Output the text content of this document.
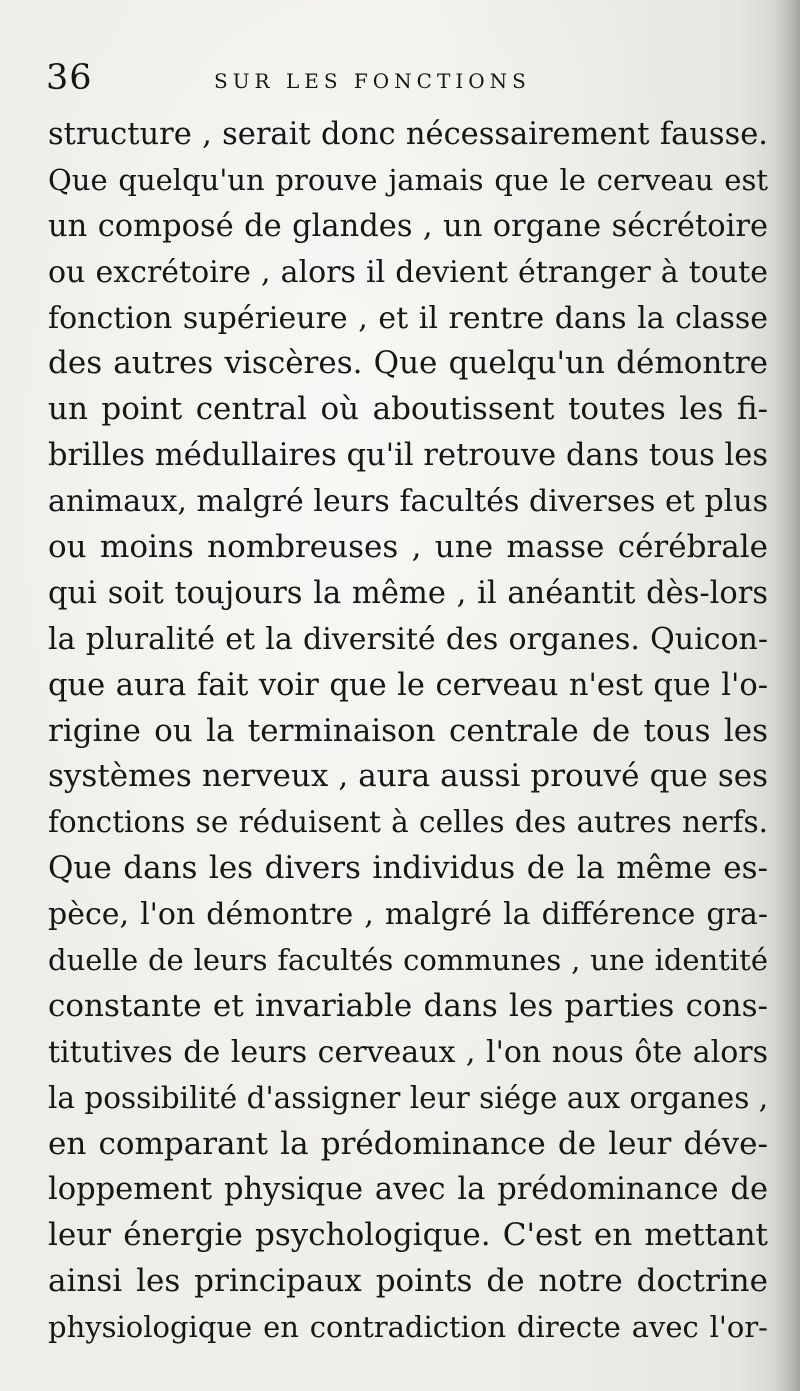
36	SUR LES FONCTIONS
structure , serait donc nécessairement fausse.
Que quelqu'un prouve jamais que le cerveau est
un composé de glandes , un organe sécrétoire
ou excrétoire , alors il devient étranger à toute
fonction supérieure , et il rentre dans la classe
des autres viscères. Que quelqu'un démontre
un point central où aboutissent toutes les fi-
brilles médullaires qu'il retrouve dans tous les
animaux, malgré leurs facultés diverses et plus
ou moins nombreuses , une masse cérébrale
qui soit toujours la même , il anéantit dès-lors
la pluralité et la diversité des organes. Quicon-
que aura fait voir que le cerveau n'est que l'o-
rigine ou la terminaison centrale de tous les
systèmes nerveux , aura aussi prouvé que ses
fonctions se réduisent à celles des autres nerfs.
Que dans les divers individus de la même es-
pèce, l'on démontre , malgré la différence gra-
duelle de leurs facultés communes , une identité
constante et invariable dans les parties cons-
titutives de leurs cerveaux , l'on nous ôte alors
la possibilité d'assigner leur siége aux organes ,
en comparant la prédominance de leur déve-
loppement physique avec la prédominance de
leur énergie psychologique. C'est en mettant
ainsi les principaux points de notre doctrine
physiologique en contradiction directe avec l'or-
